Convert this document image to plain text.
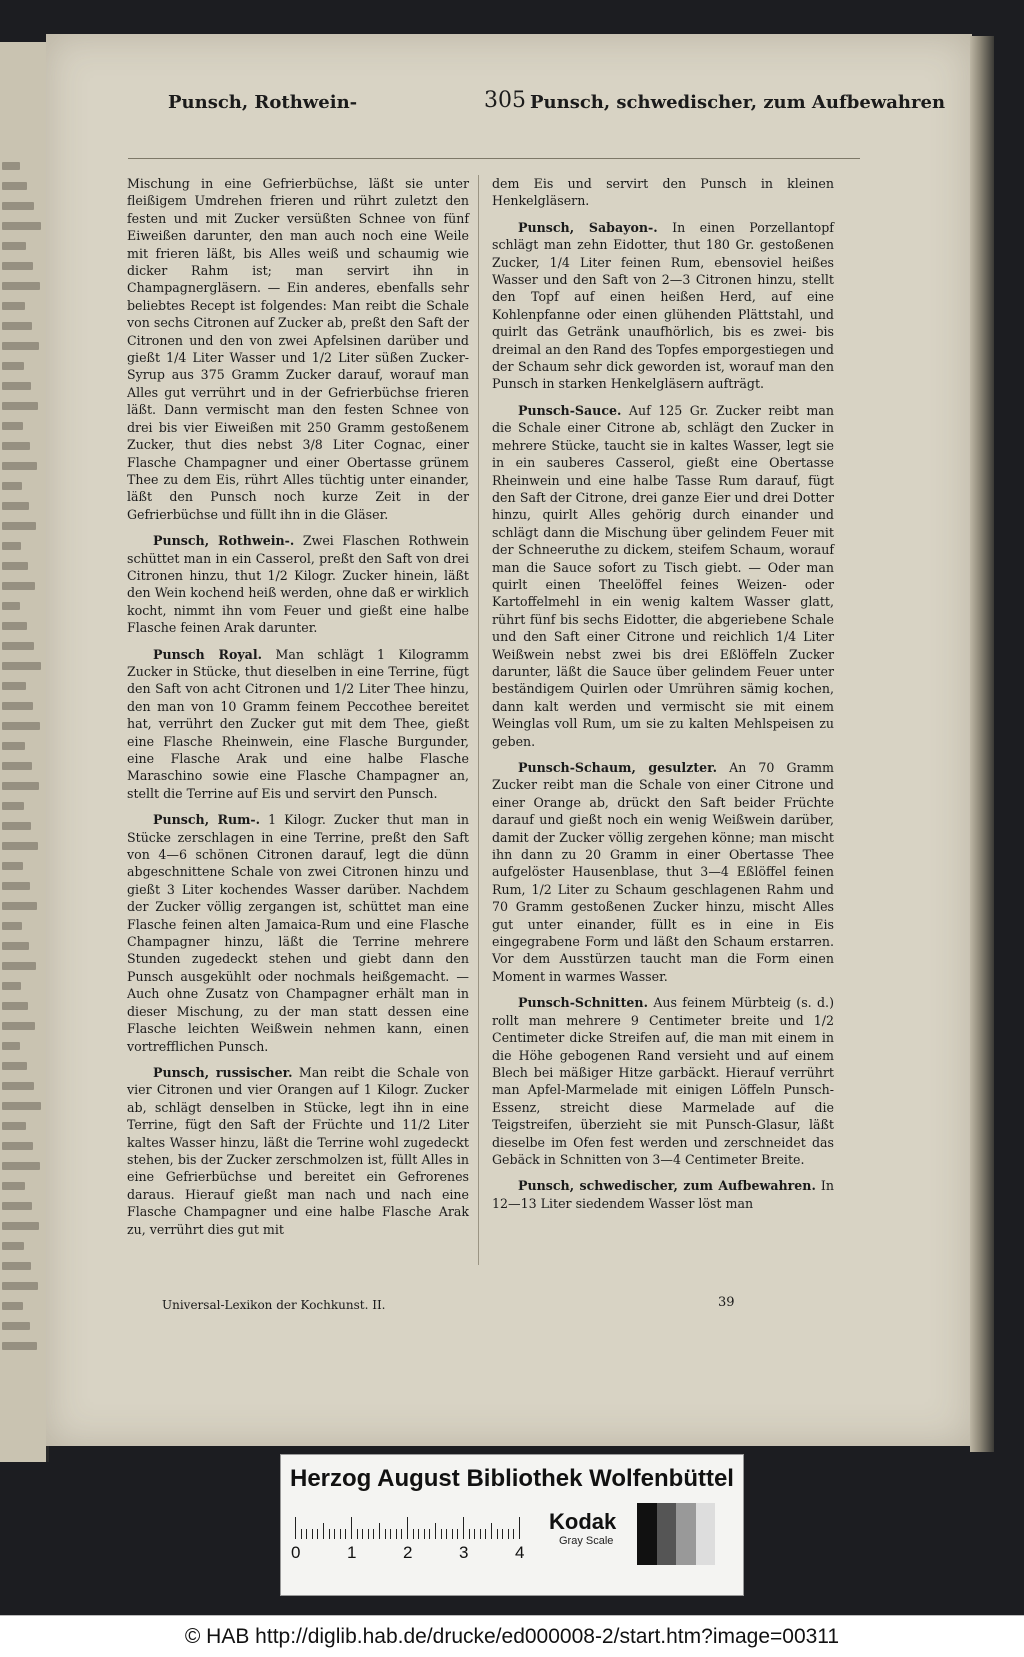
Punsch, Rothwein-	305 Punsch, schwedischer, zum Aufbewahren

Mischung in eine Gefrierbüchse, läßt sie unter fleißigem Umdrehen frieren und rührt zuletzt den festen und mit Zucker versüßten Schnee von fünf Eiweißen darunter, den man auch noch eine Weile mit frieren läßt, bis Alles weiß und schaumig wie dicker Rahm ist; man servirt ihn in Champagnergläsern. — Ein anderes, ebenfalls sehr beliebtes Recept ist folgendes: Man reibt die Schale von sechs Citronen auf Zucker ab, preßt den Saft der Citronen und den von zwei Apfelsinen darüber und gießt 1/4 Liter Wasser und 1/2 Liter süßen Zucker-Syrup aus 375 Gramm Zucker darauf, worauf man Alles gut verrührt und in der Gefrierbüchse frieren läßt. Dann vermischt man den festen Schnee von drei bis vier Eiweißen mit 250 Gramm gestoßenem Zucker, thut dies nebst 3/8 Liter Cognac, einer Flasche Champagner und einer Obertasse grünem Thee zu dem Eis, rührt Alles tüchtig unter einander, läßt den Punsch noch kurze Zeit in der Gefrierbüchse und füllt ihn in die Gläser.

Punsch, Rothwein-. Zwei Flaschen Rothwein schüttet man in ein Casserol, preßt den Saft von drei Citronen hinzu, thut 1/2 Kilogr. Zucker hinein, läßt den Wein kochend heiß werden, ohne daß er wirklich kocht, nimmt ihn vom Feuer und gießt eine halbe Flasche feinen Arak darunter.

Punsch Royal. Man schlägt 1 Kilogramm Zucker in Stücke, thut dieselben in eine Terrine, fügt den Saft von acht Citronen und 1/2 Liter Thee hinzu, den man von 10 Gramm feinem Peccothee bereitet hat, verrührt den Zucker gut mit dem Thee, gießt eine Flasche Rheinwein, eine Flasche Burgunder, eine Flasche Arak und eine halbe Flasche Maraschino sowie eine Flasche Champagner an, stellt die Terrine auf Eis und servirt den Punsch.

Punsch, Rum-. 1 Kilogr. Zucker thut man in Stücke zerschlagen in eine Terrine, preßt den Saft von 4—6 schönen Citronen darauf, legt die dünn abgeschnittene Schale von zwei Citronen hinzu und gießt 3 Liter kochendes Wasser darüber. Nachdem der Zucker völlig zergangen ist, schüttet man eine Flasche feinen alten Jamaica-Rum und eine Flasche Champagner hinzu, läßt die Terrine mehrere Stunden zugedeckt stehen und giebt dann den Punsch ausgekühlt oder nochmals heißgemacht. — Auch ohne Zusatz von Champagner erhält man in dieser Mischung, zu der man statt dessen eine Flasche leichten Weißwein nehmen kann, einen vortrefflichen Punsch.

Punsch, russischer. Man reibt die Schale von vier Citronen und vier Orangen auf 1 Kilogr. Zucker ab, schlägt denselben in Stücke, legt ihn in eine Terrine, fügt den Saft der Früchte und 11/2 Liter kaltes Wasser hinzu, läßt die Terrine wohl zugedeckt stehen, bis der Zucker zerschmolzen ist, füllt Alles in eine Gefrierbüchse und bereitet ein Gefrorenes daraus. Hierauf gießt man nach und nach eine Flasche Champagner und eine halbe Flasche Arak zu, verrührt dies gut mit

dem Eis und servirt den Punsch in kleinen Henkelgläsern.

Punsch, Sabayon-. In einen Porzellantopf schlägt man zehn Eidotter, thut 180 Gr. gestoßenen Zucker, 1/4 Liter feinen Rum, ebensoviel heißes Wasser und den Saft von 2—3 Citronen hinzu, stellt den Topf auf einen heißen Herd, auf eine Kohlenpfanne oder einen glühenden Plättstahl, und quirlt das Getränk unaufhörlich, bis es zwei- bis dreimal an den Rand des Topfes emporgestiegen und der Schaum sehr dick geworden ist, worauf man den Punsch in starken Henkelgläsern aufträgt.

Punsch-Sauce. Auf 125 Gr. Zucker reibt man die Schale einer Citrone ab, schlägt den Zucker in mehrere Stücke, taucht sie in kaltes Wasser, legt sie in ein sauberes Casserol, gießt eine Obertasse Rheinwein und eine halbe Tasse Rum darauf, fügt den Saft der Citrone, drei ganze Eier und drei Dotter hinzu, quirlt Alles gehörig durch einander und schlägt dann die Mischung über gelindem Feuer mit der Schneeruthe zu dickem, steifem Schaum, worauf man die Sauce sofort zu Tisch giebt. — Oder man quirlt einen Theelöffel feines Weizen- oder Kartoffelmehl in ein wenig kaltem Wasser glatt, rührt fünf bis sechs Eidotter, die abgeriebene Schale und den Saft einer Citrone und reichlich 1/4 Liter Weißwein nebst zwei bis drei Eßlöffeln Zucker darunter, läßt die Sauce über gelindem Feuer unter beständigem Quirlen oder Umrühren sämig kochen, dann kalt werden und vermischt sie mit einem Weinglas voll Rum, um sie zu kalten Mehlspeisen zu geben.

Punsch-Schaum, gesulzter. An 70 Gramm Zucker reibt man die Schale von einer Citrone und einer Orange ab, drückt den Saft beider Früchte darauf und gießt noch ein wenig Weißwein darüber, damit der Zucker völlig zergehen könne; man mischt ihn dann zu 20 Gramm in einer Obertasse Thee aufgelöster Hausenblase, thut 3—4 Eßlöffel feinen Rum, 1/2 Liter zu Schaum geschlagenen Rahm und 70 Gramm gestoßenen Zucker hinzu, mischt Alles gut unter einander, füllt es in eine in Eis eingegrabene Form und läßt den Schaum erstarren. Vor dem Ausstürzen taucht man die Form einen Moment in warmes Wasser.

Punsch-Schnitten. Aus feinem Mürbteig (s. d.) rollt man mehrere 9 Centimeter breite und 1/2 Centimeter dicke Streifen auf, die man mit einem in die Höhe gebogenen Rand versieht und auf einem Blech bei mäßiger Hitze garbäckt. Hierauf verrührt man Apfel-Marmelade mit einigen Löffeln Punsch-Essenz, streicht diese Marmelade auf die Teigstreifen, überzieht sie mit Punsch-Glasur, läßt dieselbe im Ofen fest werden und zerschneidet das Gebäck in Schnitten von 3—4 Centimeter Breite.

Punsch, schwedischer, zum Aufbewahren. In 12—13 Liter siedendem Wasser löst man

Universal-Lexikon der Kochkunst. II.	39
Herzog August Bibliothek Wolfenbüttel
0	1	2	3	4
Kodak
Gray Scale
© HAB http://diglib.hab.de/drucke/ed000008-2/start.htm?image=00311
